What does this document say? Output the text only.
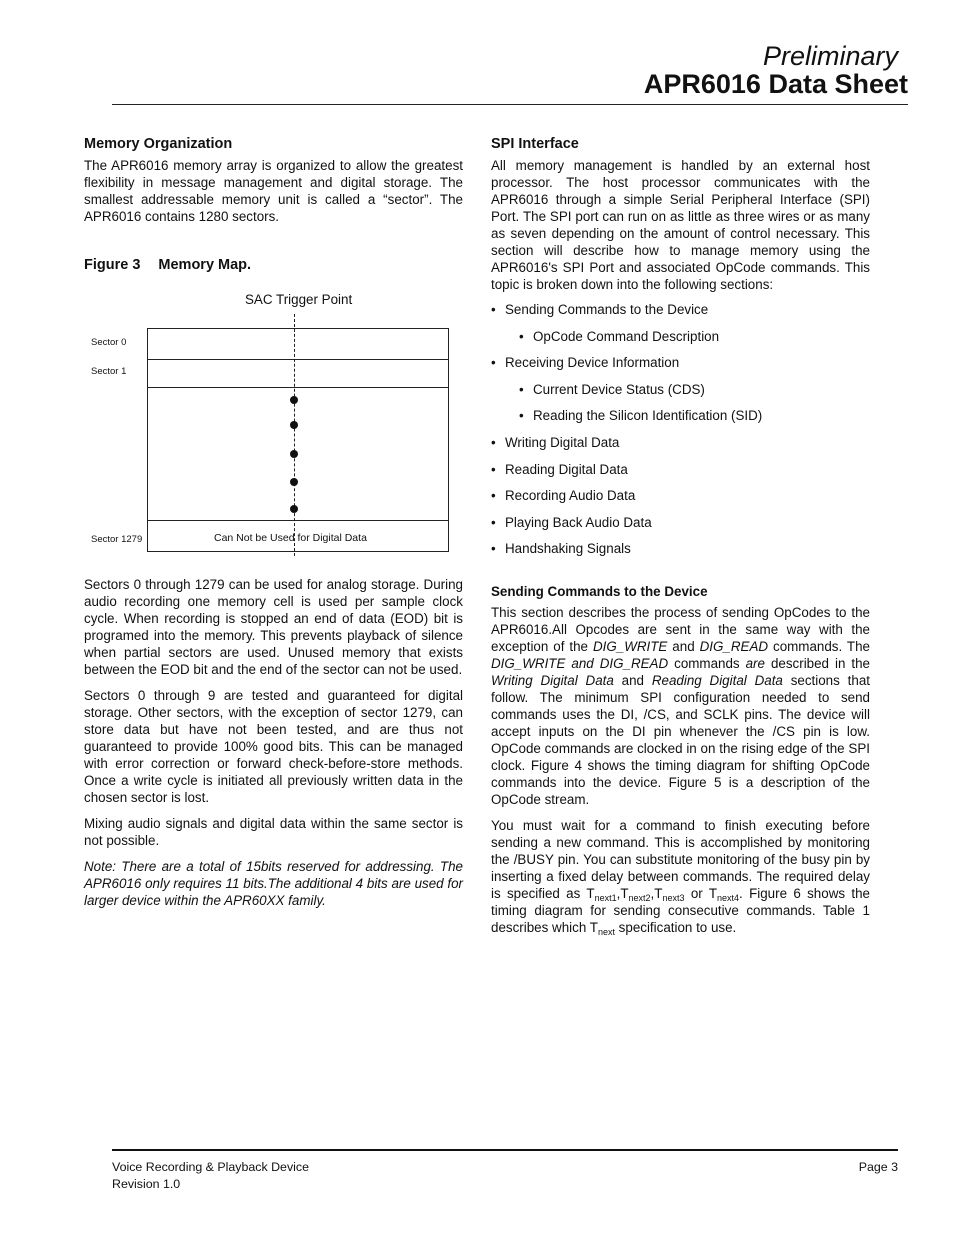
Preliminary
APR6016 Data Sheet
Memory Organization

The APR6016 memory array is organized to allow the greatest flexibility in message management and digital storage. The smallest addressable memory unit is called a “sector”. The APR6016 contains 1280 sectors.

Figure 3 Memory Map.
SAC Trigger Point
Sector 0
Sector 1
Sector 1279	Can Not be Used for Digital Data

Sectors 0 through 1279 can be used for analog storage. During audio recording one memory cell is used per sample clock cycle. When recording is stopped an end of data (EOD) bit is programed into the memory. This prevents playback of silence when partial sectors are used. Unused memory that exists between the EOD bit and the end of the sector can not be used.

Sectors 0 through 9 are tested and guaranteed for digital storage. Other sectors, with the exception of sector 1279, can store data but have not been tested, and are thus not guaranteed to provide 100% good bits. This can be managed with error correction or forward check-before-store methods. Once a write cycle is initiated all previously written data in the chosen sector is lost.

Mixing audio signals and digital data within the same sector is not possible.

Note: There are a total of 15bits reserved for addressing. The APR6016 only requires 11 bits.The additional 4 bits are used for larger device within the APR60XX family.

SPI Interface

All memory management is handled by an external host processor. The host processor communicates with the APR6016 through a simple Serial Peripheral Interface (SPI) Port. The SPI port can run on as little as three wires or as many as seven depending on the amount of control necessary. This section will describe how to manage memory using the APR6016's SPI Port and associated OpCode commands. This topic is broken down into the following sections:

• Sending Commands to the Device
• OpCode Command Description
• Receiving Device Information
• Current Device Status (CDS)
• Reading the Silicon Identification (SID)
• Writing Digital Data
• Reading Digital Data
• Recording Audio Data
• Playing Back Audio Data
• Handshaking Signals
Sending Commands to the Device

This section describes the process of sending OpCodes to the APR6016.All Opcodes are sent in the same way with the exception of the DIG_WRITE and DIG_READ commands. The DIG_WRITE and DIG_READ commands are described in the Writing Digital Data and Reading Digital Data sections that follow. The minimum SPI configuration needed to send commands uses the DI, /CS, and SCLK pins. The device will accept inputs on the DI pin whenever the /CS pin is low. OpCode commands are clocked in on the rising edge of the SPI clock. Figure 4 shows the timing diagram for shifting OpCode commands into the device. Figure 5 is a description of the OpCode stream.

You must wait for a command to finish executing before sending a new command. This is accomplished by monitoring the /BUSY pin. You can substitute monitoring of the busy pin by inserting a fixed delay between commands. The required delay is specified as $T_{next1},T_{next2},T_{next3}$ or $T_{next4}$. Figure 6 shows the timing diagram for sending consecutive commands. Table 1 describes which $T_{next}$ specification to use.

Voice Recording & Playback Device
Revision 1.0
Page 3
